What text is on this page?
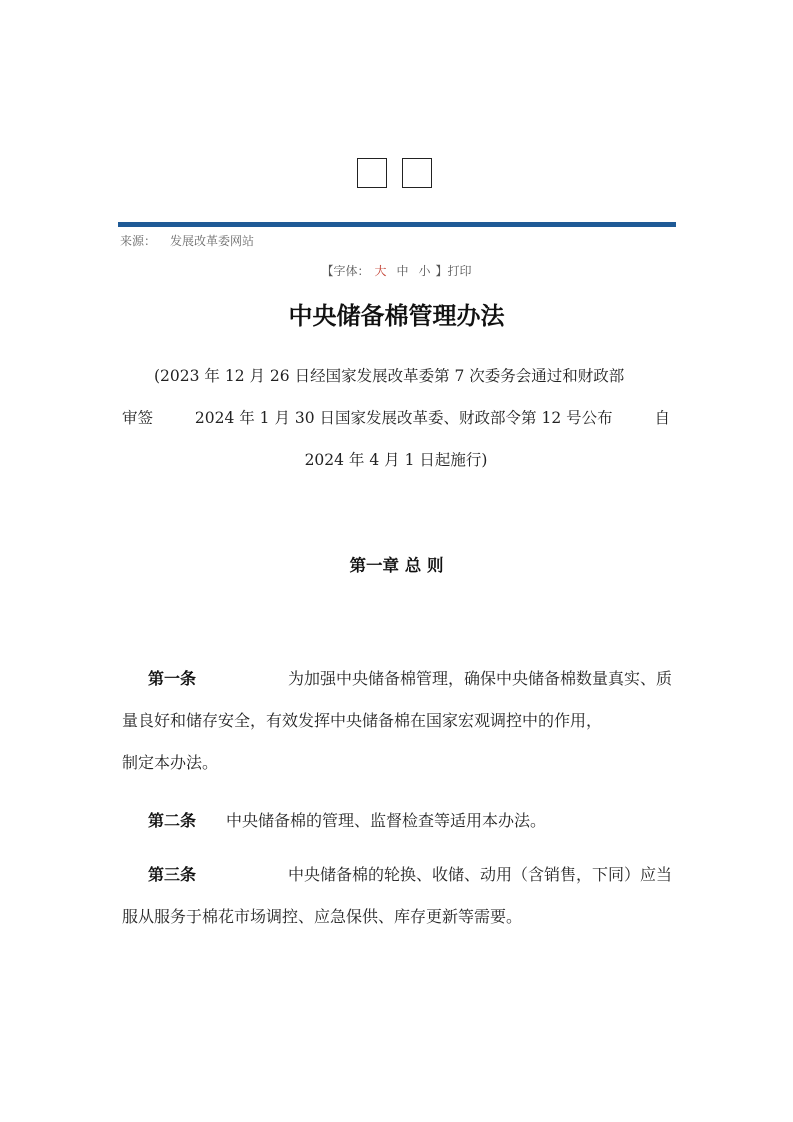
来源： 发展改革委网站
【字体： 大 中 小 】打印
中央储备棉管理办法
(2023 年 12 月 26 日经国家发展改革委第 7 次委务会通过和财政部
审签	2024 年 1 月 30 日国家发展改革委、财政部令第 12 号公布	自
2024 年 4 月 1 日起施行)
第一章 总 则
第一条	为加强中央储备棉管理，确保中央储备棉数量真实、质
量良好和储存安全，有效发挥中央储备棉在国家宏观调控中的作用，
制定本办法。
第二条 中央储备棉的管理、监督检查等适用本办法。
第三条	中央储备棉的轮换、收储、动用（含销售，下同）应当
服从服务于棉花市场调控、应急保供、库存更新等需要。
